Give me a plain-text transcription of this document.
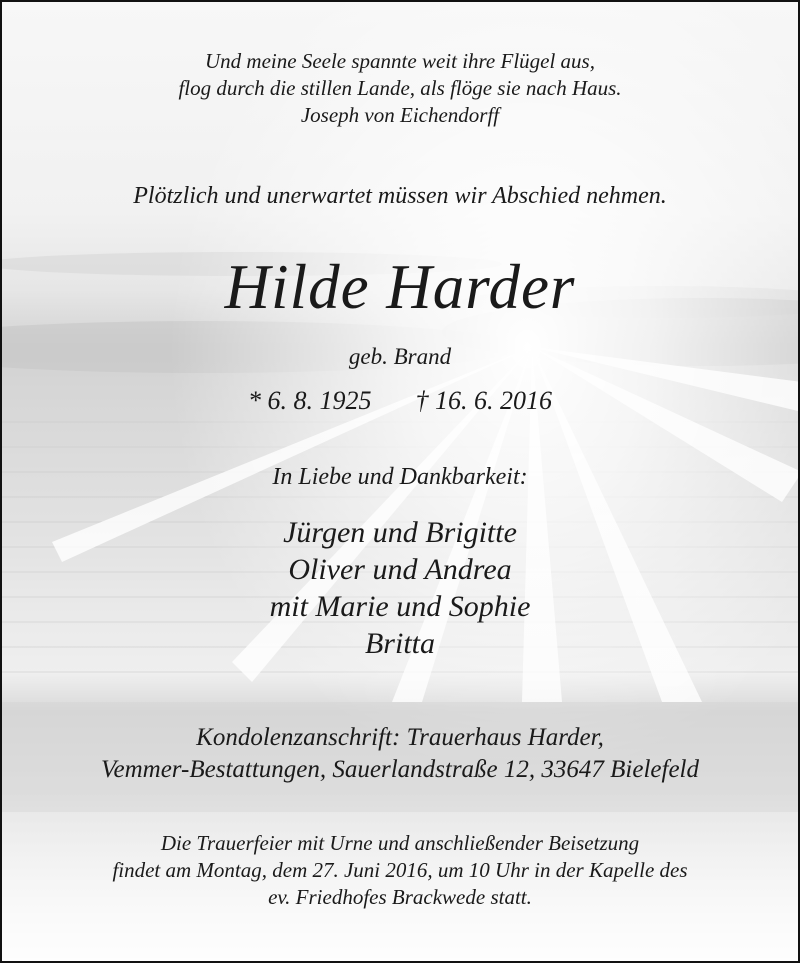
Und meine Seele spannte weit ihre Flügel aus,
flog durch die stillen Lande, als flöge sie nach Haus.
Joseph von Eichendorff
Plötzlich und unerwartet müssen wir Abschied nehmen.
Hilde Harder
geb. Brand
* 6. 8. 1925 † 16. 6. 2016
In Liebe und Dankbarkeit:
Jürgen und Brigitte
Oliver und Andrea
mit Marie und Sophie
Britta
Kondolenzanschrift: Trauerhaus Harder,
Vemmer-Bestattungen, Sauerlandstraße 12, 33647 Bielefeld
Die Trauerfeier mit Urne und anschließender Beisetzung
findet am Montag, dem 27. Juni 2016, um 10 Uhr in der Kapelle des
ev. Friedhofes Brackwede statt.
